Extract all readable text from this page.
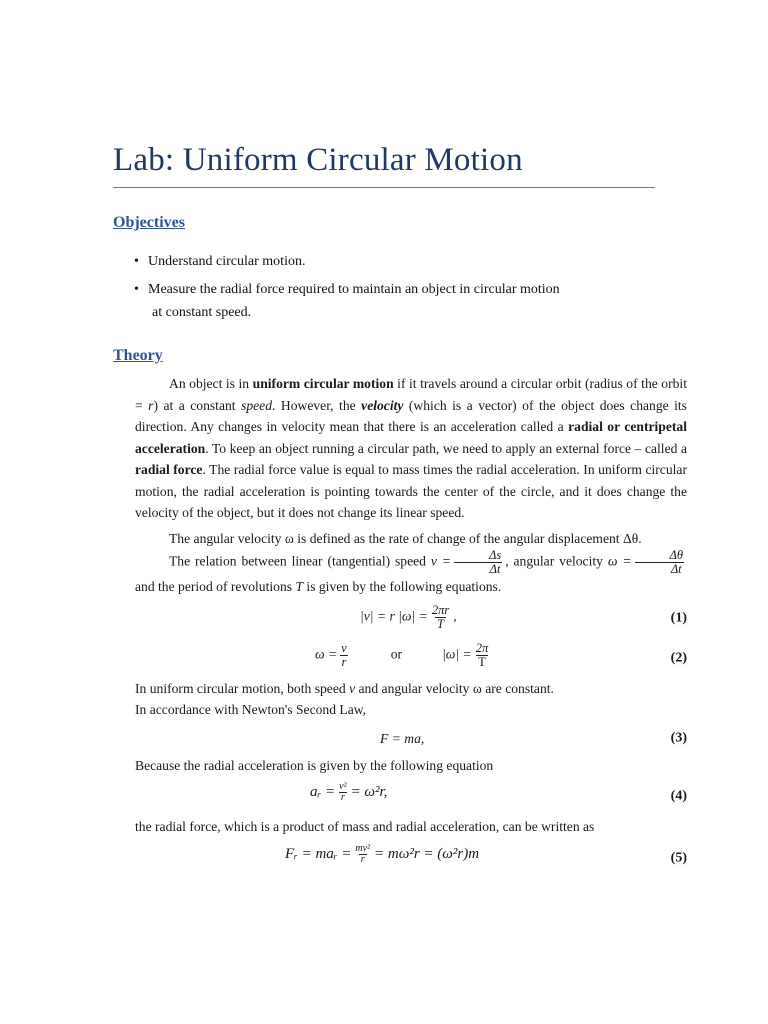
Lab: Uniform Circular Motion
Objectives
• Understand circular motion.
• Measure the radial force required to maintain an object in circular motion
at constant speed.
Theory

An object is in uniform circular motion if it travels around a circular orbit (radius of the orbit = r) at a constant speed. However, the velocity (which is a vector) of the object does change its direction. Any changes in velocity mean that there is an acceleration called a radial or centripetal acceleration. To keep an object running a circular path, we need to apply an external force – called a radial force. The radial force value is equal to mass times the radial acceleration. In uniform circular motion, the radial acceleration is pointing towards the center of the circle, and it does change the velocity of the object, but it does not change its linear speed.

The angular velocity ω is defined as the rate of change of the angular displacement Δθ.

The relation between linear (tangential) speed $v = \frac{\Delta s}{\Delta t}$ , angular velocity $\omega = \frac{\Delta\theta}{\Delta t}$
and the period of revolutions T is given by the following equations.

|v| = r $|\omega| = \frac{2\pi r}{T}$ ,	(1)
$\omega = \frac{v}{r}$	or	$|\omega| = \frac{2\pi}{T}$	(2)

In uniform circular motion, both speed v and angular velocity ω are constant.

In accordance with Newton's Second Law,

F = ma,	(3)

Because the radial acceleration is given by the following equation

aᵣ = $\frac{\text{v²}}{r} = \omega^2r$,	(4)

the radial force, which is a product of mass and radial acceleration, can be written as

Fᵣ = maᵣ = $\frac{\text{mv²}}{r} = m\omega^2r = (\omega^2r)m$	(5)
